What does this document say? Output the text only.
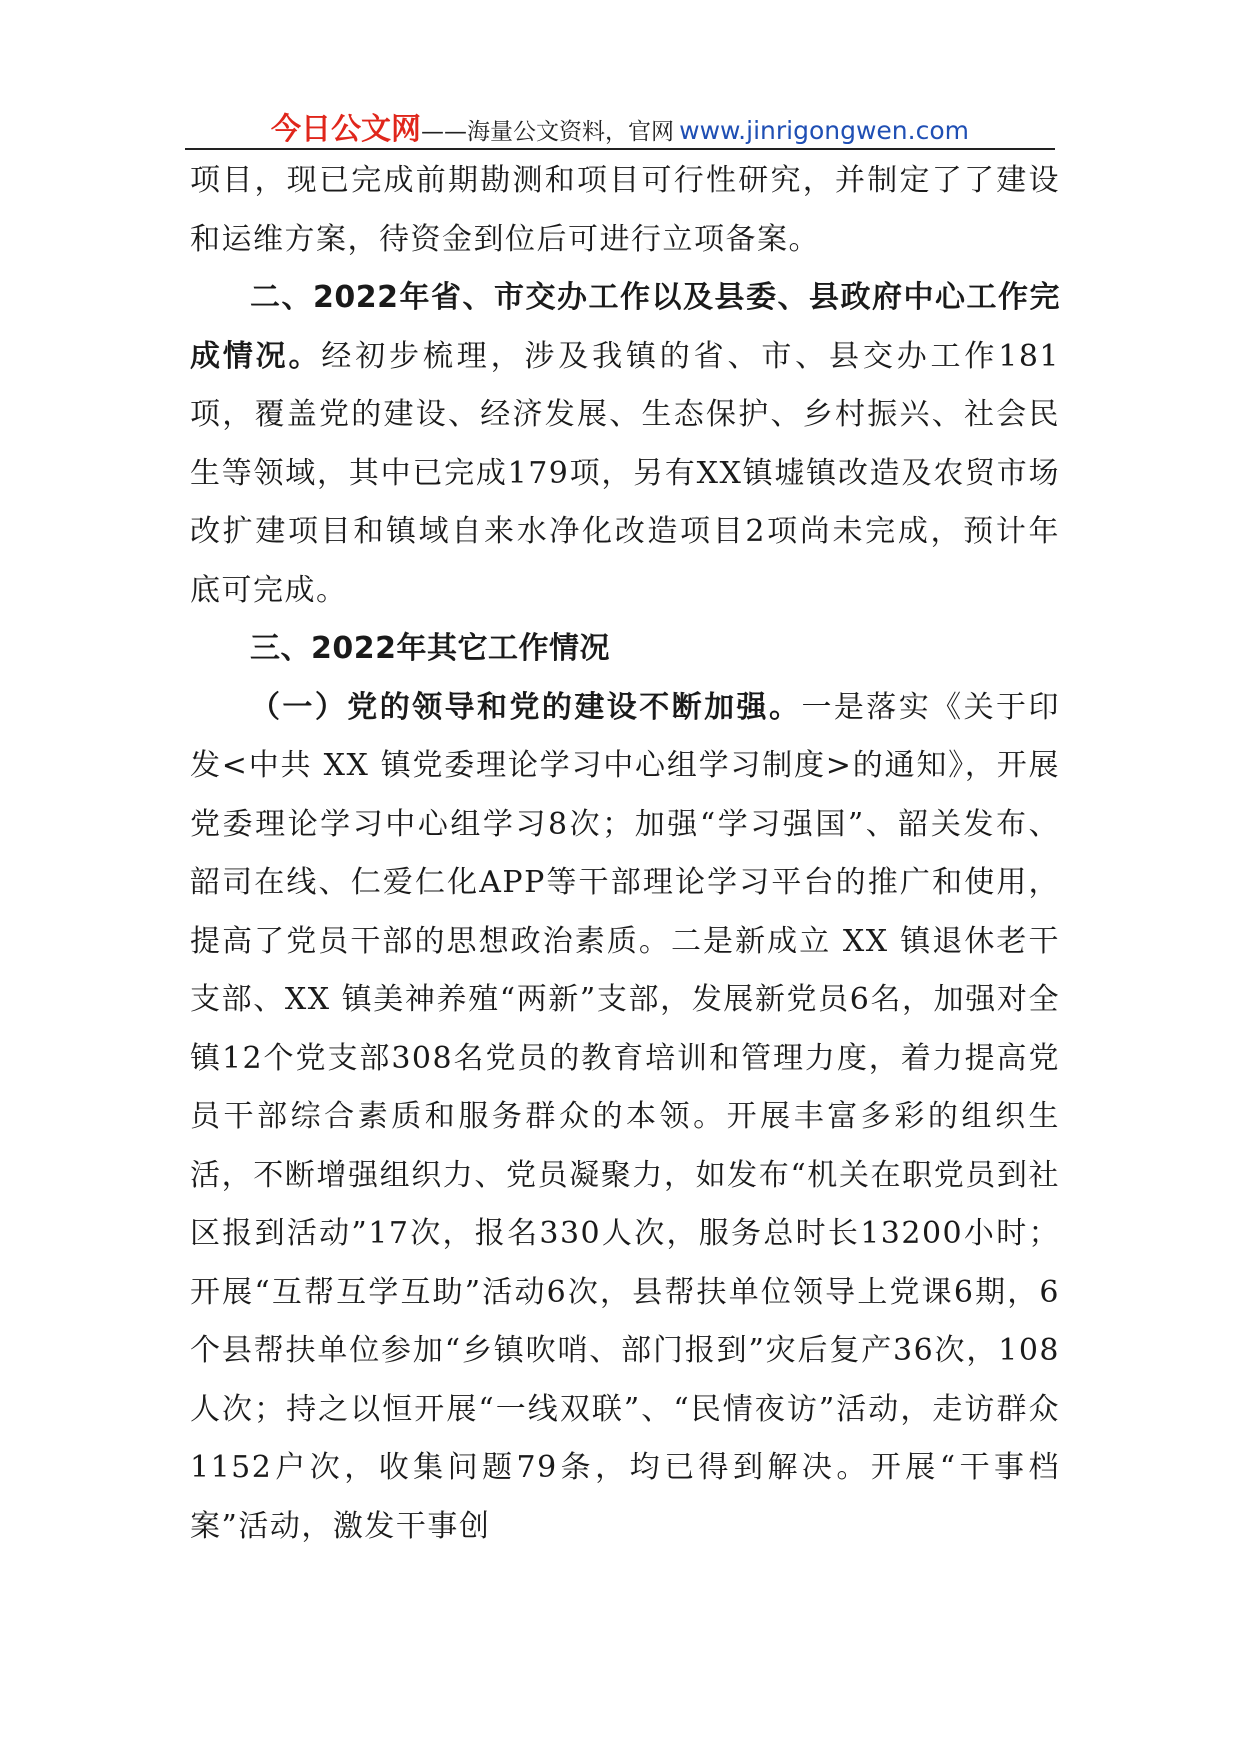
今日公文网——海量公文资料，官网 www.jinrigongwen.com

项目，现已完成前期勘测和项目可行性研究，并制定了了建设和运维方案，待资金到位后可进行立项备案。

二、2022年省、市交办工作以及县委、县政府中心工作完成情况。经初步梳理，涉及我镇的省、市、县交办工作181项，覆盖党的建设、经济发展、生态保护、乡村振兴、社会民生等领域，其中已完成179项，另有XX镇墟镇改造及农贸市场改扩建项目和镇域自来水净化改造项目2项尚未完成，预计年底可完成。

三、2022年其它工作情况

（一）党的领导和党的建设不断加强。一是落实《关于印发<中共 XX 镇党委理论学习中心组学习制度>的通知》，开展党委理论学习中心组学习8次；加强“学习强国”、韶关发布、韶司在线、仁爱仁化APP等干部理论学习平台的推广和使用，提高了党员干部的思想政治素质。二是新成立 XX 镇退休老干支部、XX 镇美神养殖“两新”支部，发展新党员6名，加强对全镇12个党支部308名党员的教育培训和管理力度，着力提高党员干部综合素质和服务群众的本领。开展丰富多彩的组织生活，不断增强组织力、党员凝聚力，如发布“机关在职党员到社区报到活动”17次，报名330人次，服务总时长13200小时；开展“互帮互学互助”活动6次，县帮扶单位领导上党课6期，6个县帮扶单位参加“乡镇吹哨、部门报到”灾后复产36次，108人次；持之以恒开展“一线双联”、“民情夜访”活动，走访群众1152户次，收集问题79条，均已得到解决。开展“干事档案”活动，激发干事创
